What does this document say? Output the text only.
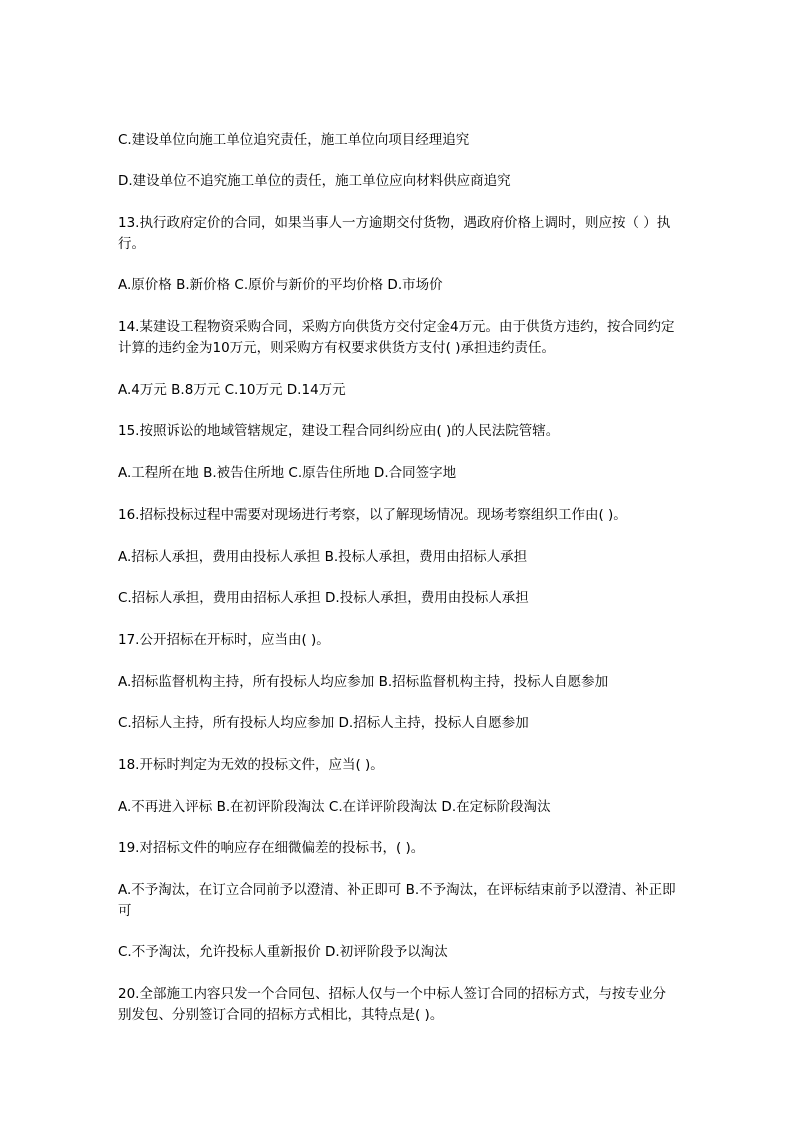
C.建设单位向施工单位追究责任，施工单位向项目经理追究

D.建设单位不追究施工单位的责任，施工单位应向材料供应商追究

13.执行政府定价的合同，如果当事人一方逾期交付货物，遇政府价格上调时，则应按（ ）执行。

A.原价格 B.新价格 C.原价与新价的平均价格 D.市场价

14.某建设工程物资采购合同，采购方向供货方交付定金4万元。由于供货方违约，按合同约定计算的违约金为10万元，则采购方有权要求供货方支付( )承担违约责任。

A.4万元 B.8万元 C.10万元 D.14万元

15.按照诉讼的地域管辖规定，建设工程合同纠纷应由( )的人民法院管辖。

A.工程所在地 B.被告住所地 C.原告住所地 D.合同签字地

16.招标投标过程中需要对现场进行考察，以了解现场情况。现场考察组织工作由( )。

A.招标人承担，费用由投标人承担 B.投标人承担，费用由招标人承担

C.招标人承担，费用由招标人承担 D.投标人承担，费用由投标人承担

17.公开招标在开标时，应当由( )。

A.招标监督机构主持，所有投标人均应参加 B.招标监督机构主持，投标人自愿参加

C.招标人主持，所有投标人均应参加 D.招标人主持，投标人自愿参加

18.开标时判定为无效的投标文件，应当( )。

A.不再进入评标 B.在初评阶段淘汰 C.在详评阶段淘汰 D.在定标阶段淘汰

19.对招标文件的响应存在细微偏差的投标书，( )。

A.不予淘汰，在订立合同前予以澄清、补正即可 B.不予淘汰，在评标结束前予以澄清、补正即可

C.不予淘汰，允许投标人重新报价 D.初评阶段予以淘汰

20.全部施工内容只发一个合同包、招标人仅与一个中标人签订合同的招标方式，与按专业分别发包、分别签订合同的招标方式相比，其特点是( )。
